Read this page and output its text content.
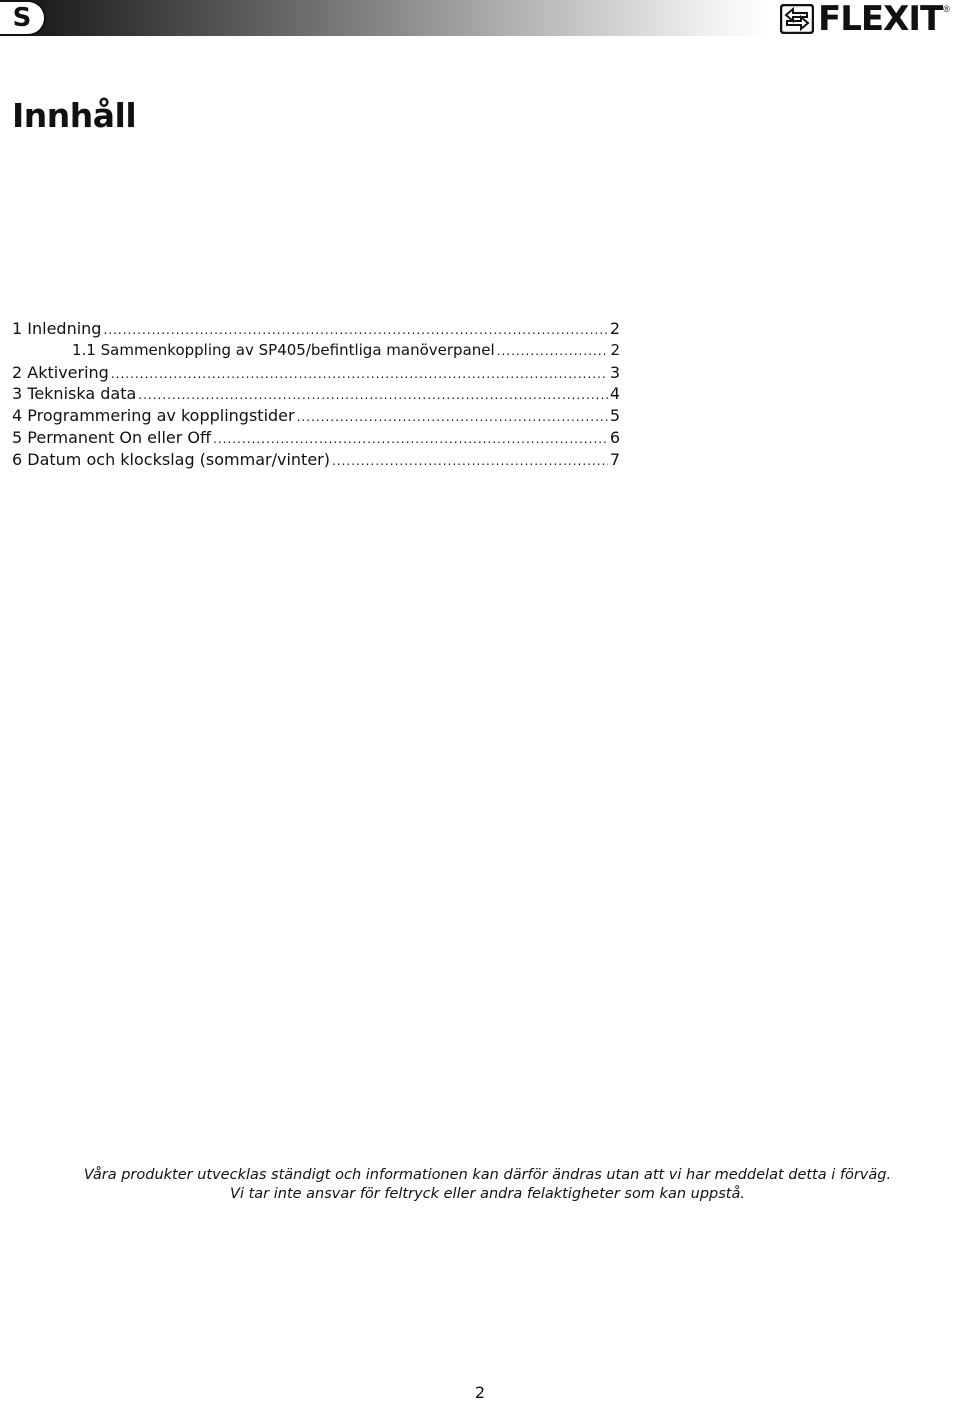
S	FLEXIT ®
Innhåll
1 Inledning .....	2
1.1 Sammenkoppling av SP405/befintliga manöverpanel .....	2
2 Aktivering .....	3
3 Tekniska data .....	4
4 Programmering av kopplingstider .....	5
5 Permanent On eller Off .....	6
6 Datum och klockslag (sommar/vinter) .....	7

Våra produkter utvecklas ständigt och informationen kan därför ändras utan att vi har meddelat detta i förväg.

Vi tar inte ansvar för feltryck eller andra felaktigheter som kan uppstå.

2
